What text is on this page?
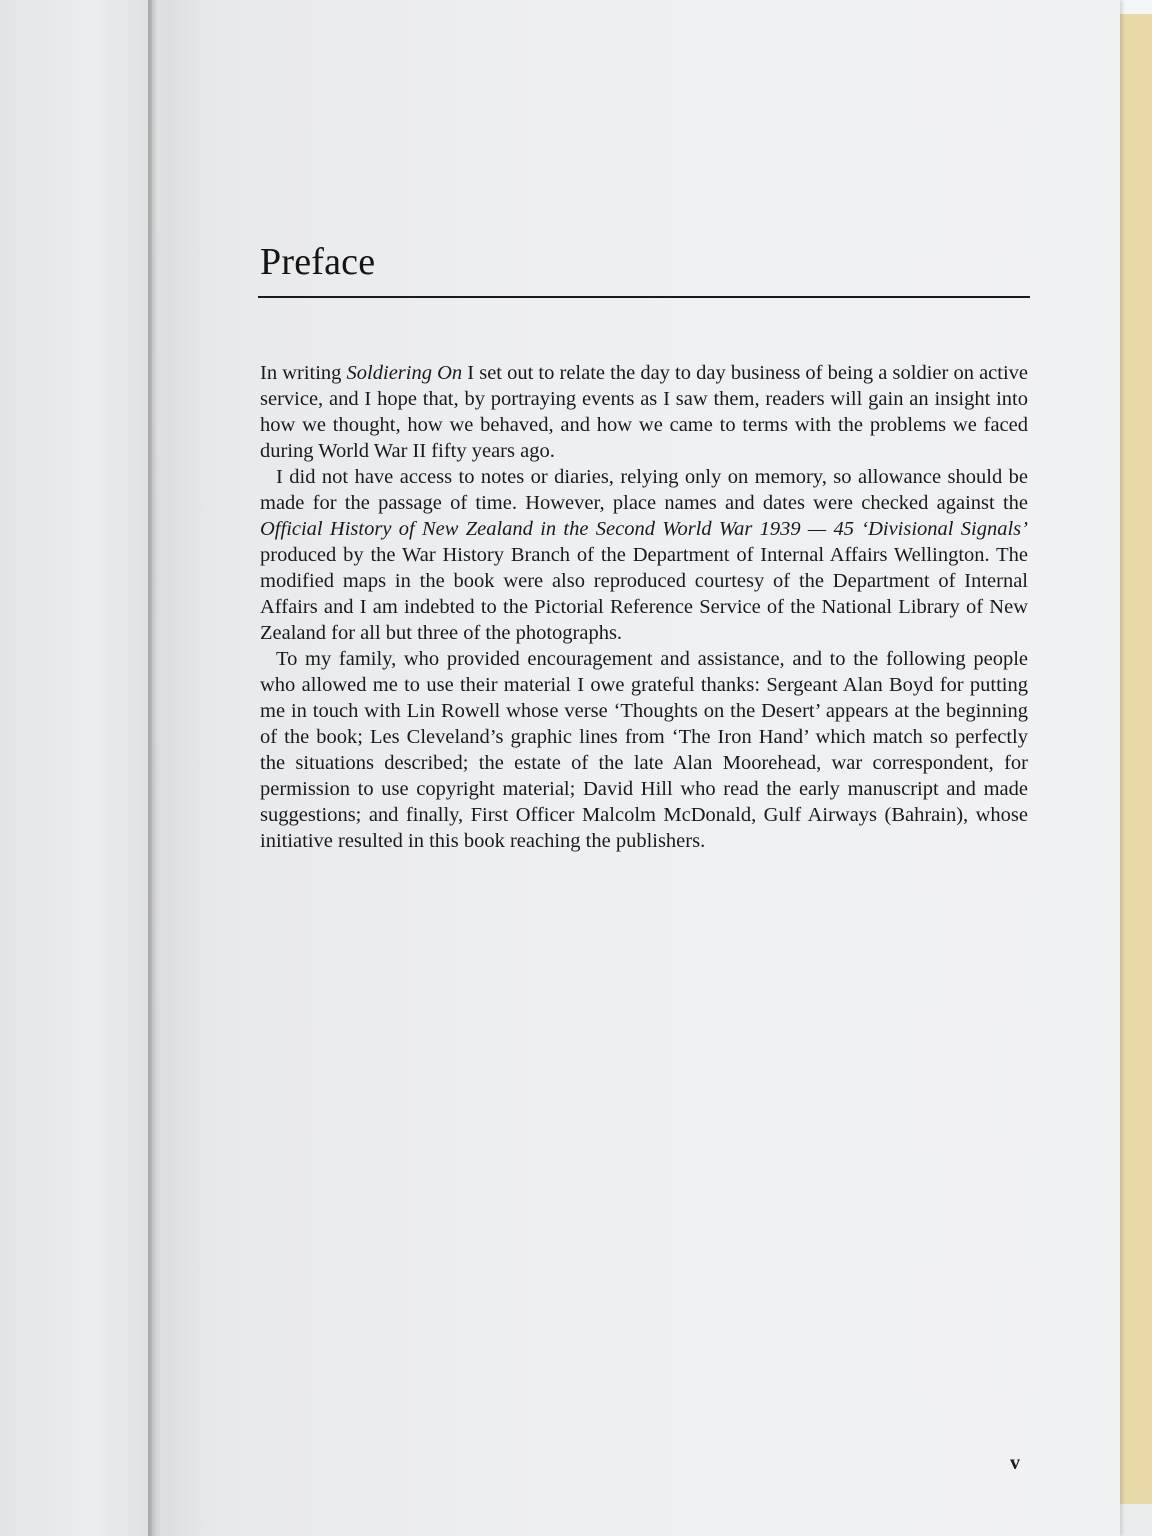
Preface

In writing Soldiering On I set out to relate the day to day business of being a soldier on active service, and I hope that, by portraying events as I saw them, readers will gain an insight into how we thought, how we behaved, and how we came to terms with the problems we faced during World War II fifty years ago.

I did not have access to notes or diaries, relying only on memory, so allowance should be made for the passage of time. However, place names and dates were checked against the Official History of New Zealand in the Second World War 1939 — 45 ‘Divisional Signals’ produced by the War History Branch of the Department of Internal Affairs Wellington. The modified maps in the book were also reproduced courtesy of the Department of Internal Affairs and I am indebted to the Pictorial Reference Service of the National Library of New Zealand for all but three of the photographs.

To my family, who provided encouragement and assistance, and to the following people who allowed me to use their material I owe grateful thanks: Sergeant Alan Boyd for putting me in touch with Lin Rowell whose verse ‘Thoughts on the Desert’ appears at the beginning of the book; Les Cleveland’s graphic lines from ‘The Iron Hand’ which match so perfectly the situations described; the estate of the late Alan Moorehead, war correspondent, for permission to use copyright material; David Hill who read the early manuscript and made suggestions; and finally, First Officer Malcolm McDonald, Gulf Airways (Bahrain), whose initiative resulted in this book reaching the publishers.

v
